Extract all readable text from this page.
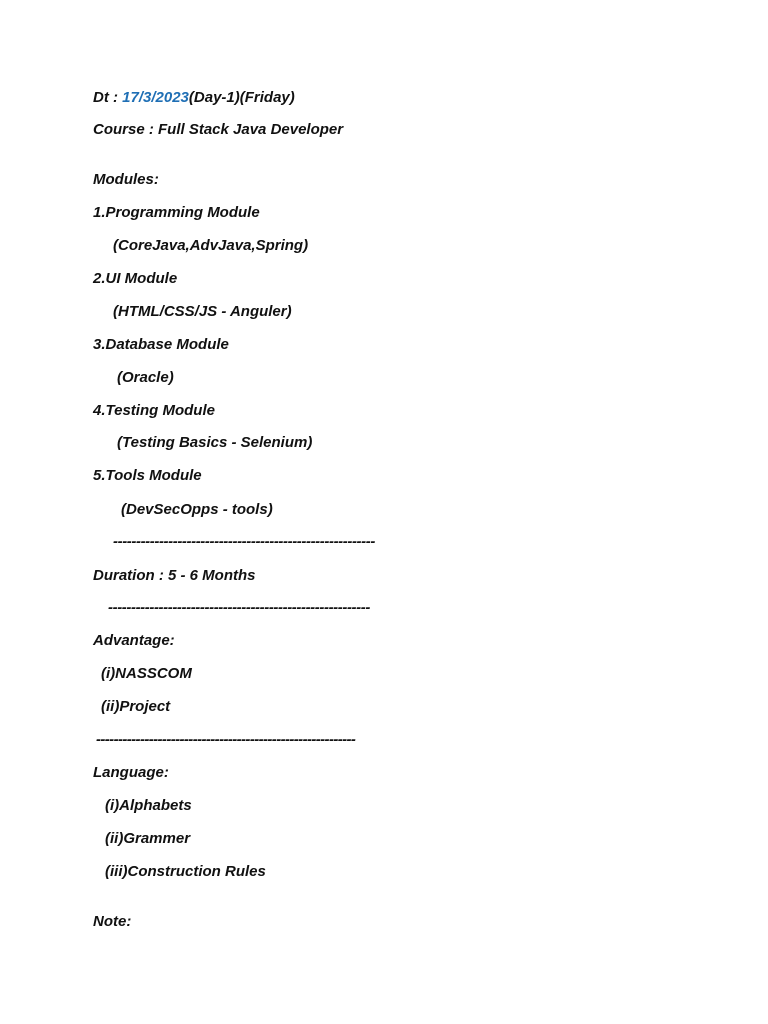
Dt : 17/3/2023(Day-1)(Friday)
Course : Full Stack Java Developer
Modules:
1.Programming Module
(CoreJava,AdvJava,Spring)
2.UI Module
(HTML/CSS/JS - Anguler)
3.Database Module
(Oracle)
4.Testing Module
(Testing Basics - Selenium)
5.Tools Module
(DevSecOpps - tools)
---------------------------------------------------------
Duration : 5 - 6 Months
---------------------------------------------------------
Advantage:
(i)NASSCOM
(ii)Project
-----------------------------------------------------------
Language:
(i)Alphabets
(ii)Grammer
(iii)Construction Rules
Note:
